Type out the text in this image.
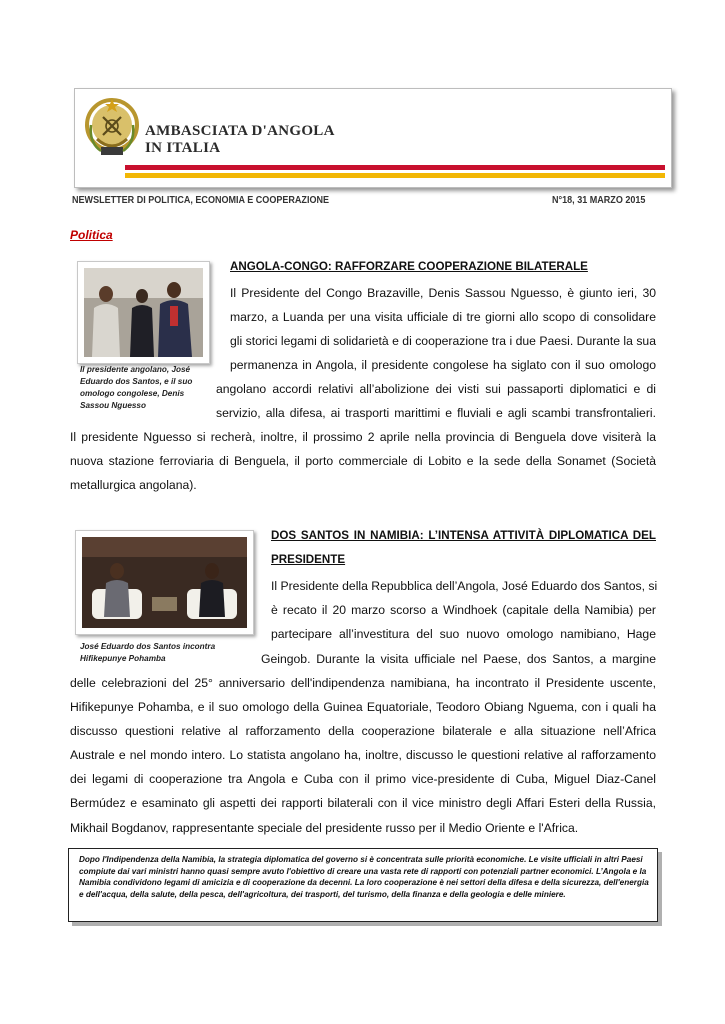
AMBASCIATA D'ANGOLA
IN ITALIA
NEWSLETTER DI POLITICA, ECONOMIA E COOPERAZIONE	N°18, 31 MARZO 2015
Politica
Il presidente angolano, José
Eduardo dos Santos, e il suo
omologo congolese, Denis
Sassou Nguesso
ANGOLA-CONGO: RAFFORZARE COOPERAZIONE BILATERALE
Il Presidente del Congo Brazaville, Denis Sassou Nguesso, è giunto ieri, 30
marzo, a Luanda per una visita ufficiale di tre giorni allo scopo di consolidare
gli storici legami di solidarietà e di cooperazione tra i due Paesi. Durante la sua
permanenza in Angola, il presidente congolese ha siglato con il suo omologo
angolano accordi relativi all’abolizione dei visti sui passaporti diplomatici e di
servizio, alla difesa, ai trasporti marittimi e fluviali e agli scambi transfrontalieri.
Il presidente Nguesso si recherà, inoltre, il prossimo 2 aprile nella provincia di Benguela dove visiterà la
nuova stazione ferroviaria di Benguela, il porto commerciale di Lobito e la sede della Sonamet (Società
metallurgica angolana).
José Eduardo dos Santos incontra
Hifikepunye Pohamba
DOS SANTOS IN NAMIBIA: L’INTENSA ATTIVITÀ DIPLOMATICA DEL
PRESIDENTE
Il Presidente della Repubblica dell’Angola, José Eduardo dos Santos, si
è recato il 20 marzo scorso a Windhoek (capitale della Namibia) per
partecipare all’investitura del suo nuovo omologo namibiano, Hage
Geingob. Durante la visita ufficiale nel Paese, dos Santos, a margine
delle celebrazioni del 25° anniversario dell'indipendenza namibiana, ha incontrato il Presidente uscente,
Hifikepunye Pohamba, e il suo omologo della Guinea Equatoriale, Teodoro Obiang Nguema, con i quali ha
discusso questioni relative al rafforzamento della cooperazione bilaterale e alla situazione nell’Africa
Australe e nel mondo intero. Lo statista angolano ha, inoltre, discusso le questioni relative al rafforzamento
dei legami di cooperazione tra Angola e Cuba con il primo vice-presidente di Cuba, Miguel Diaz-Canel
Bermúdez e esaminato gli aspetti dei rapporti bilaterali con il vice ministro degli Affari Esteri della Russia,
Mikhail Bogdanov, rappresentante speciale del presidente russo per il Medio Oriente e l'Africa.
Dopo l'Indipendenza della Namibia, la strategia diplomatica del governo si è concentrata sulle priorità economiche. Le visite ufficiali in altri Paesi compiute dai vari ministri hanno quasi sempre avuto l'obiettivo di creare una vasta rete di rapporti con potenziali partner economici. L’Angola e la Namibia condividono legami di amicizia e di cooperazione da decenni. La loro cooperazione è nei settori della difesa e della sicurezza, dell'energia e dell'acqua, della salute, della pesca, dell'agricoltura, dei trasporti, del turismo, della finanza e della geologia e delle miniere.
